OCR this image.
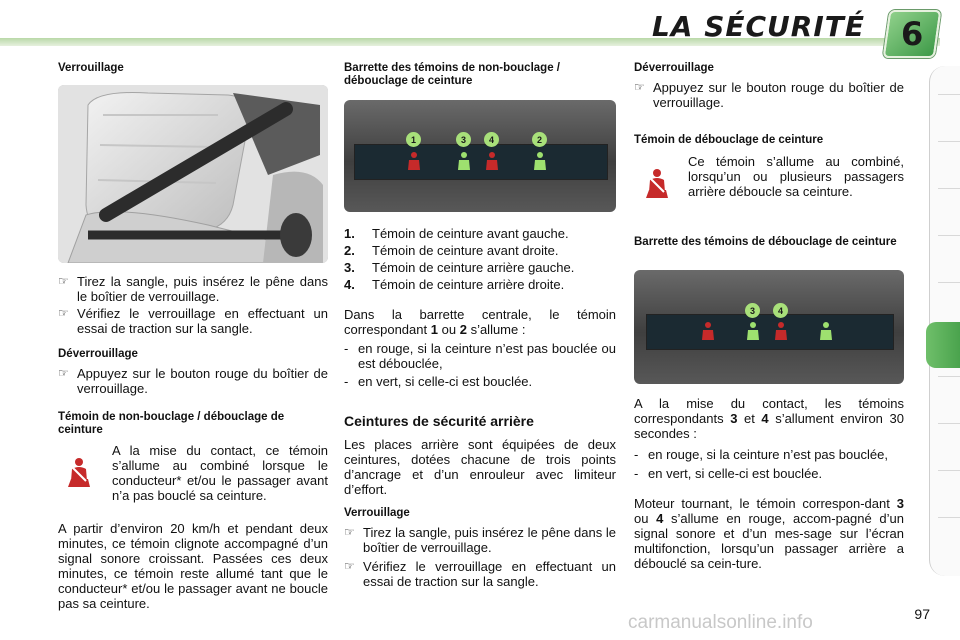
LA SÉCURITÉ 6

Verrouillage

☞ Tirez la sangle, puis insérez le pêne dans le boîtier de verrouillage.

☞ Vérifiez le verrouillage en effectuant un essai de traction sur la sangle.

Déverrouillage

☞ Appuyez sur le bouton rouge du boîtier de verrouillage.

Témoin de non-bouclage / débouclage de ceinture

A la mise du contact, ce témoin s’allume au combiné lorsque le conducteur* et/ou le passager avant n’a pas bouclé sa ceinture.

A partir d’environ 20 km/h et pendant deux minutes, ce témoin clignote accompagné d’un signal sonore croissant. Passées ces deux minutes, ce témoin reste allumé tant que le conducteur* et/ou le passager avant ne boucle pas sa ceinture.

Barrette des témoins de non-bouclage / débouclage de ceinture

1	3	4	2

1. Témoin de ceinture avant gauche.

2. Témoin de ceinture avant droite.

3. Témoin de ceinture arrière gauche.

4. Témoin de ceinture arrière droite.

Dans la barrette centrale, le témoin correspondant 1 ou 2 s’allume :

- en rouge, si la ceinture n’est pas bouclée ou est débouclée,

- en vert, si celle-ci est bouclée.

Ceintures de sécurité arrière

Les places arrière sont équipées de deux ceintures, dotées chacune de trois points d’ancrage et d’un enrouleur avec limiteur d’effort.

Verrouillage

☞ Tirez la sangle, puis insérez le pêne dans le boîtier de verrouillage.

☞ Vérifiez le verrouillage en effectuant un essai de traction sur la sangle.

Déverrouillage

☞ Appuyez sur le bouton rouge du boîtier de verrouillage.

Témoin de débouclage de ceinture

Ce témoin s’allume au combiné, lorsqu’un ou plusieurs passagers arrière déboucle sa ceinture.

Barrette des témoins de débouclage de ceinture

3	4

A la mise du contact, les témoins correspondants 3 et 4 s’allument environ 30 secondes :

- en rouge, si la ceinture n’est pas bouclée,

- en vert, si celle-ci est bouclée.

Moteur tournant, le témoin correspon-dant 3 ou 4 s’allume en rouge, accom-pagné d’un signal sonore et d’un mes-sage sur l’écran multifonction, lorsqu’un passager arrière a débouclé sa cein-ture.

carmanualsonline.info	97
